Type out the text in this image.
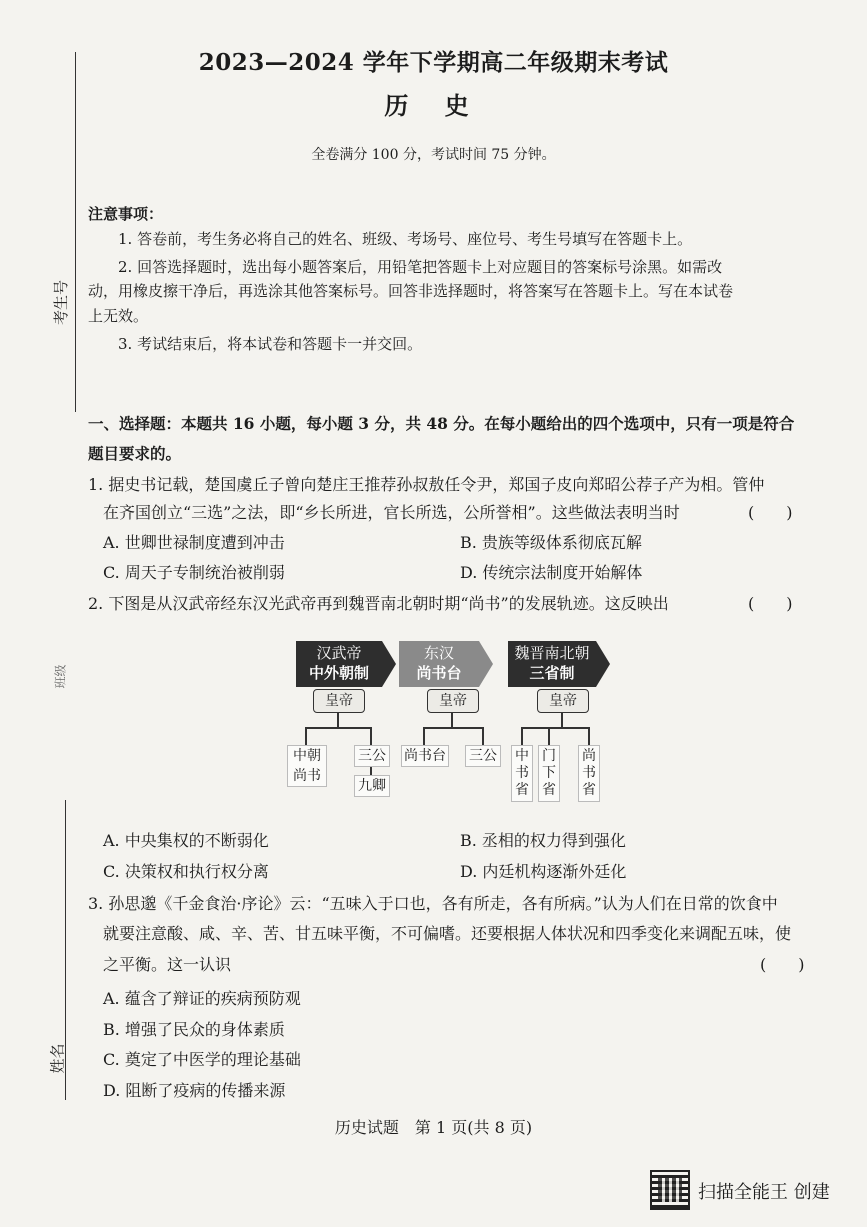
考生号
班级
姓名
2023—2024 学年下学期高二年级期末考试
历 史
全卷满分 100 分，考试时间 75 分钟。
注意事项：
1. 答卷前，考生务必将自己的姓名、班级、考场号、座位号、考生号填写在答题卡上。
2. 回答选择题时，选出每小题答案后，用铅笔把答题卡上对应题目的答案标号涂黑。如需改
动，用橡皮擦干净后，再选涂其他答案标号。回答非选择题时，将答案写在答题卡上。写在本试卷
上无效。
3. 考试结束后，将本试卷和答题卡一并交回。
一、选择题：本题共 16 小题，每小题 3 分，共 48 分。在每小题给出的四个选项中，只有一项是符合
题目要求的。
1. 据史书记载，楚国虞丘子曾向楚庄王推荐孙叔敖任令尹，郑国子皮向郑昭公荐子产为相。管仲
在齐国创立“三选”之法，即“乡长所进，官长所选，公所誉相”。这些做法表明当时	(　　)
A. 世卿世禄制度遭到冲击	B. 贵族等级体系彻底瓦解
C. 周天子专制统治被削弱	D. 传统宗法制度开始解体
2. 下图是从汉武帝经东汉光武帝再到魏晋南北朝时期“尚书”的发展轨迹。这反映出	(　　)
汉武帝
中外朝制
东汉
尚书台
魏晋南北朝
三省制
皇帝	皇帝	皇帝
中朝
尚书
三公
九卿
尚书台 三公 中书省
门下省
尚书省
A. 中央集权的不断弱化	B. 丞相的权力得到强化
C. 决策权和执行权分离	D. 内廷机构逐渐外廷化
3. 孙思邈《千金食治·序论》云：“五味入于口也，各有所走，各有所病。”认为人们在日常的饮食中
就要注意酸、咸、辛、苦、甘五味平衡，不可偏嗜。还要根据人体状况和四季变化来调配五味，使
之平衡。这一认识	(　　)
A. 蕴含了辩证的疾病预防观
B. 增强了民众的身体素质
C. 奠定了中医学的理论基础
D. 阻断了疫病的传播来源
历史试题　第 1 页(共 8 页)
扫描全能王 创建
